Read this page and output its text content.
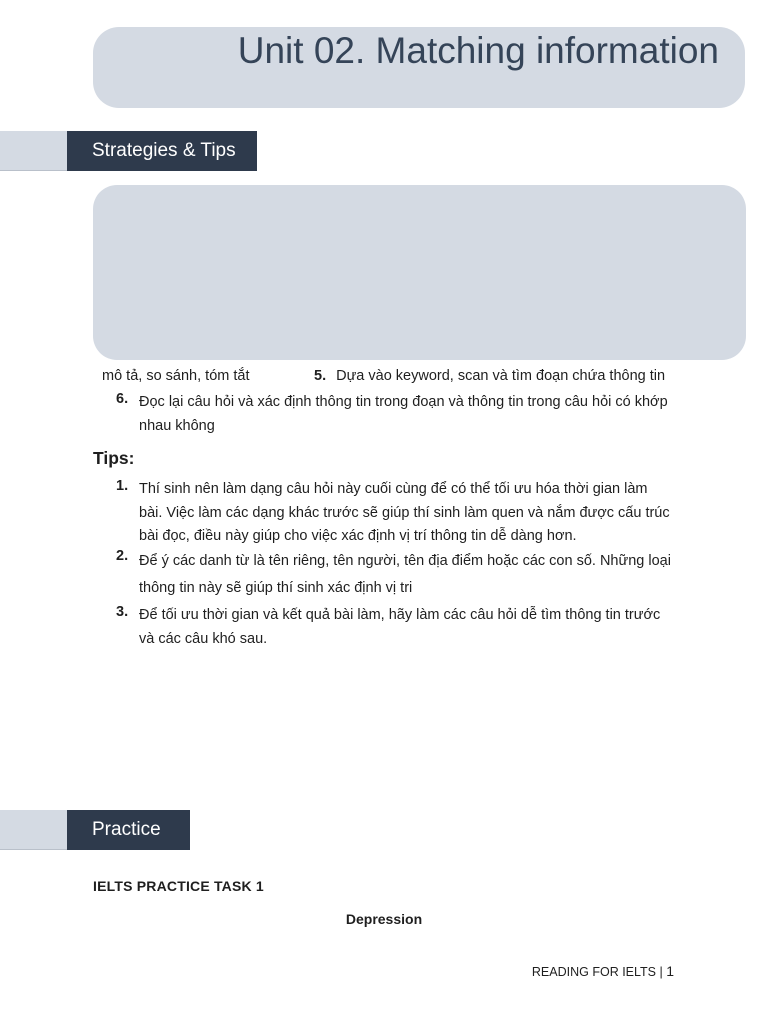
Unit 02. Matching information
Strategies & Tips
mô tả, so sánh, tóm tắt	5. Dựa vào keyword, scan và tìm đoạn chứa thông tin
6. Đọc lại câu hỏi và xác định thông tin trong đoạn và thông tin trong câu hỏi có khớp nhau không
Tips:
1. Thí sinh nên làm dạng câu hỏi này cuối cùng để có thể tối ưu hóa thời gian làm bài. Việc làm các dạng khác trước sẽ giúp thí sinh làm quen và nắm được cấu trúc bài đọc, điều này giúp cho việc xác định vị trí thông tin dễ dàng hơn.
2. Để ý các danh từ là tên riêng, tên người, tên địa điểm hoặc các con số. Những loại thông tin này sẽ giúp thí sinh xác định vị tri
3. Để tối ưu thời gian và kết quả bài làm, hãy làm các câu hỏi dễ tìm thông tin trước và các câu khó sau.
Practice
IELTS PRACTICE TASK 1
Depression
READING FOR IELTS | 1
